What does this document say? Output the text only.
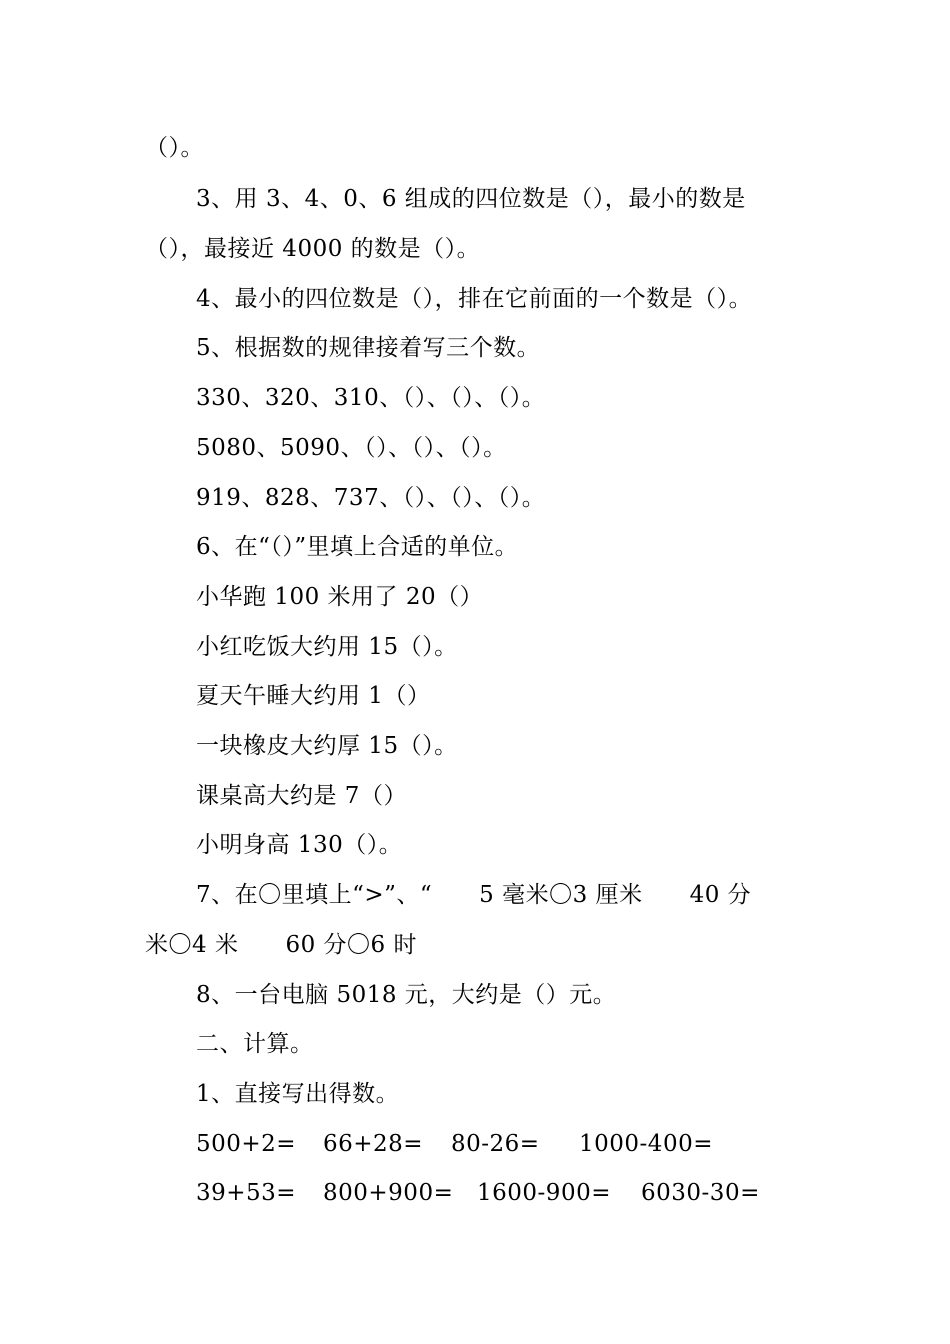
（）。
3、用 3、4、0、6 组成的四位数是（），最小的数是
（），最接近 4000 的数是（）。
4、最小的四位数是（），排在它前面的一个数是（）。
5、根据数的规律接着写三个数。
330、320、310、（）、（）、（）。
5080、5090、（）、（）、（）。
919、828、737、（）、（）、（）。
6、在“（）”里填上合适的单位。
小华跑 100 米用了 20（）
小红吃饭大约用 15（）。
夏天午睡大约用 1（）
一块橡皮大约厚 15（）。
课桌高大约是 7（）
小明身高 130（）。
7、在〇里填上“>”、“　　5 毫米〇3 厘米　　40 分
米〇4 米　　60 分〇6 时
8、一台电脑 5018 元，大约是（）元。
二、计算。
1、直接写出得数。
500+2= 66+28= 80-26= 1000-400=
39+53= 800+900= 1600-900= 6030-30=
